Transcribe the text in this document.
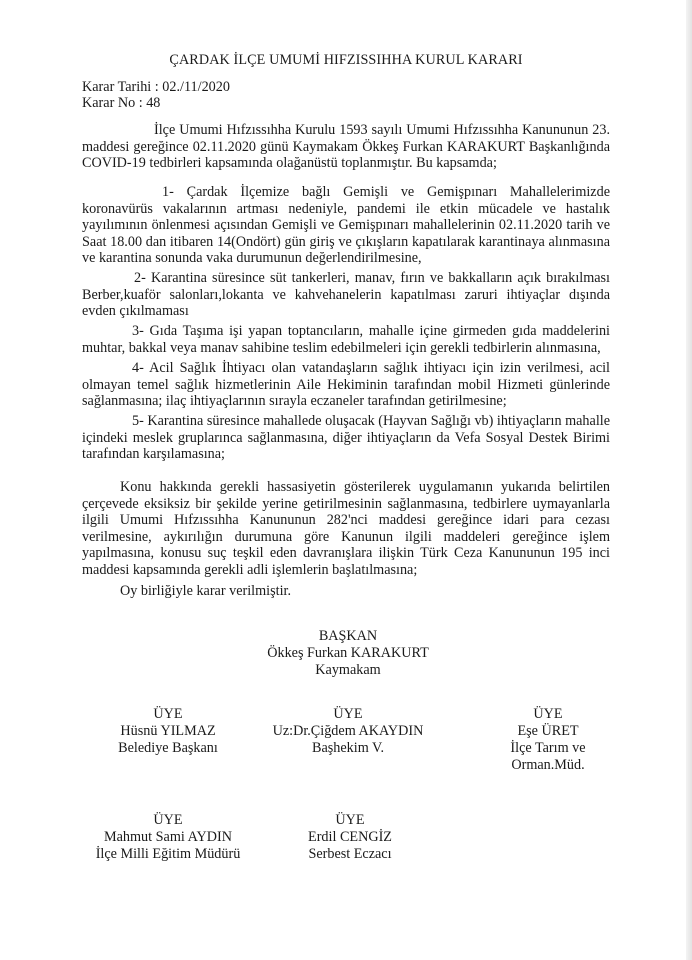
ÇARDAK İLÇE UMUMİ HIFZISSIHHA KURUL KARARI
Karar Tarihi : 02./11/2020
Karar No : 48
İlçe Umumi Hıfzıssıhha Kurulu 1593 sayılı Umumi Hıfzıssıhha Kanununun 23. maddesi gereğince 02.11.2020 günü Kaymakam Ökkeş Furkan KARAKURT Başkanlığında COVID-19 tedbirleri kapsamında olağanüstü toplanmıştır. Bu kapsamda;
1- Çardak İlçemize bağlı Gemişli ve Gemişpınarı Mahallelerimizde koronavürüs vakalarının artması nedeniyle, pandemi ile etkin mücadele ve hastalık yayılımının önlenmesi açısından Gemişli ve Gemişpınarı mahallelerinin 02.11.2020 tarih ve Saat 18.00 dan itibaren 14(Ondört) gün giriş ve çıkışların kapatılarak karantinaya alınmasına ve karantina sonunda vaka durumunun değerlendirilmesine,
2- Karantina süresince süt tankerleri, manav, fırın ve bakkalların açık bırakılması Berber,kuaför salonları,lokanta ve kahvehanelerin kapatılması zaruri ihtiyaçlar dışında evden çıkılmaması
3- Gıda Taşıma işi yapan toptancıların, mahalle içine girmeden gıda maddelerini muhtar, bakkal veya manav sahibine teslim edebilmeleri için gerekli tedbirlerin alınmasına,
4- Acil Sağlık İhtiyacı olan vatandaşların sağlık ihtiyacı için izin verilmesi, acil olmayan temel sağlık hizmetlerinin Aile Hekiminin tarafından mobil Hizmeti günlerinde sağlanmasına; ilaç ihtiyaçlarının sırayla eczaneler tarafından getirilmesine;
5- Karantina süresince mahallede oluşacak (Hayvan Sağlığı vb) ihtiyaçların mahalle içindeki meslek gruplarınca sağlanmasına, diğer ihtiyaçların da Vefa Sosyal Destek Birimi tarafından karşılamasına;
Konu hakkında gerekli hassasiyetin gösterilerek uygulamanın yukarıda belirtilen çerçevede eksiksiz bir şekilde yerine getirilmesinin sağlanmasına, tedbirlere uymayanlarla ilgili Umumi Hıfzıssıhha Kanununun 282'nci maddesi gereğince idari para cezası verilmesine, aykırılığın durumuna göre Kanunun ilgili maddeleri gereğince işlem yapılmasına, konusu suç teşkil eden davranışlara ilişkin Türk Ceza Kanununun 195 inci maddesi kapsamında gerekli adli işlemlerin başlatılmasına;
Oy birliğiyle karar verilmiştir.
BAŞKAN
Ökkeş Furkan KARAKURT
Kaymakam
ÜYE
Hüsnü YILMAZ
Belediye Başkanı
ÜYE
Uz:Dr.Çiğdem AKAYDIN
Başhekim V.
ÜYE
Eşe ÜRET
İlçe Tarım ve
Orman.Müd.
ÜYE
Mahmut Sami AYDIN
İlçe Milli Eğitim Müdürü
ÜYE
Erdil CENGİZ
Serbest Eczacı
